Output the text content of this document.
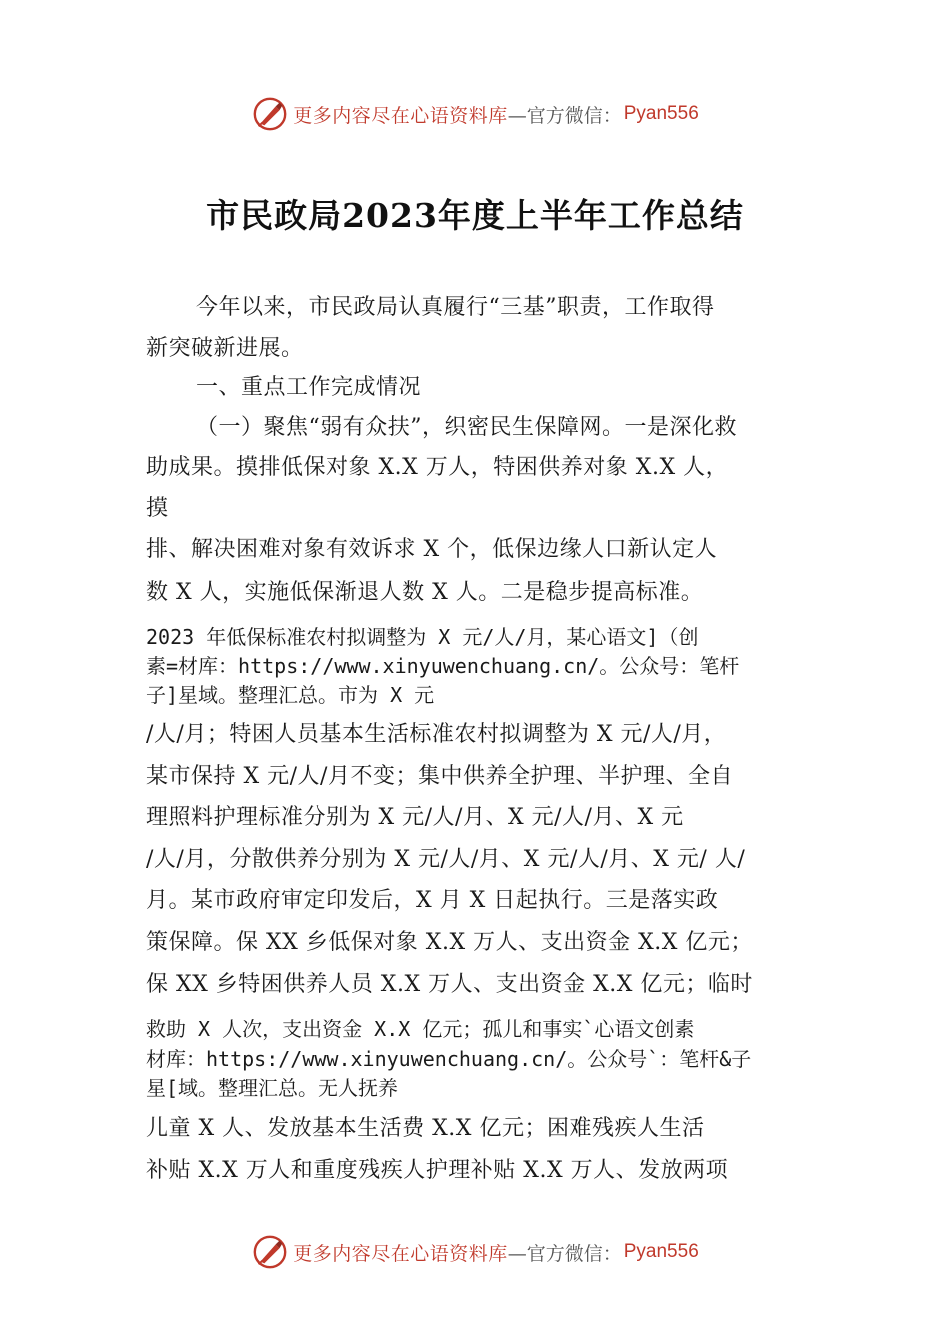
更多内容尽在心语资料库 —官方微信： Pyan556
市民政局2023年度上半年工作总结
今年以来，市民政局认真履行“三基”职责，工作取得
新突破新进展。
一、重点工作完成情况
（一）聚焦“弱有众扶”，织密民生保障网。一是深化救
助成果。摸排低保对象 X.X 万人，特困供养对象 X.X 人，
摸
排、解决困难对象有效诉求 X 个，低保边缘人口新认定人
数 X 人，实施低保渐退人数 X 人。二是稳步提高标准。
2023 年低保标准农村拟调整为 X 元/人/月，某心语文]（创
素=材库：https://www.xinyuwenchuang.cn/。公众号：笔杆
子]星域。整理汇总。市为 X 元
/人/月；特困人员基本生活标准农村拟调整为 X 元/人/月，
某市保持 X 元/人/月不变；集中供养全护理、半护理、全自
理照料护理标准分别为 X 元/人/月、X 元/人/月、X 元
/人/月，分散供养分别为 X 元/人/月、X 元/人/月、X 元/ 人/
月。某市政府审定印发后，X 月 X 日起执行。三是落实政
策保障。保 XX 乡低保对象 X.X 万人、支出资金 X.X 亿元；
保 XX 乡特困供养人员 X.X 万人、支出资金 X.X 亿元；临时
救助 X 人次，支出资金 X.X 亿元；孤儿和事实`心语文创素
材库：https://www.xinyuwenchuang.cn/。公众号`：笔杆&子
星[域。整理汇总。无人抚养
儿童 X 人、发放基本生活费 X.X 亿元；困难残疾人生活
补贴 X.X 万人和重度残疾人护理补贴 X.X 万人、发放两项
更多内容尽在心语资料库 —官方微信： Pyan556
